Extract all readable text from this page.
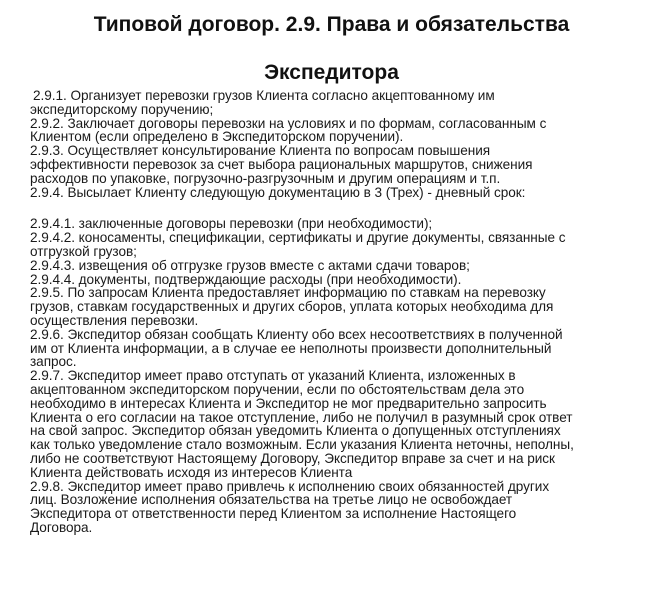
Типовой договор. 2.9. Права и обязательства
Экспедитора
2.9.1. Организует перевозки грузов Клиента согласно акцептованному им
экспедиторскому поручению;
2.9.2. Заключает договоры перевозки на условиях и по формам, согласованным с
Клиентом (если определено в Экспедиторском поручении).
2.9.3. Осуществляет консультирование Клиента по вопросам повышения
эффективности перевозок за счет выбора рациональных маршрутов, снижения
расходов по упаковке, погрузочно-разгрузочным и другим операциям и т.п.
2.9.4. Высылает Клиенту следующую документацию в 3 (Трех) - дневный срок:
2.9.4.1. заключенные договоры перевозки (при необходимости);
2.9.4.2. коносаменты, спецификации, сертификаты и другие документы, связанные с
отгрузкой грузов;
2.9.4.3. извещения об отгрузке грузов вместе с актами сдачи товаров;
2.9.4.4. документы, подтверждающие расходы (при необходимости).
2.9.5. По запросам Клиента предоставляет информацию по ставкам на перевозку
грузов, ставкам государственных и других сборов, уплата которых необходима для
осуществления перевозки.
2.9.6. Экспедитор обязан сообщать Клиенту обо всех несоответствиях в полученной
им от Клиента информации, а в случае ее неполноты произвести дополнительный
запрос.
2.9.7. Экспедитор имеет право отступать от указаний Клиента, изложенных в
акцептованном экспедиторском поручении, если по обстоятельствам дела это
необходимо в интересах Клиента и Экспедитор не мог предварительно запросить
Клиента о его согласии на такое отступление, либо не получил в разумный срок ответ
на свой запрос. Экспедитор обязан уведомить Клиента о допущенных отступлениях
как только уведомление стало возможным. Если указания Клиента неточны, неполны,
либо не соответствуют Настоящему Договору, Экспедитор вправе за счет и на риск
Клиента действовать исходя из интересов Клиента
2.9.8. Экспедитор имеет право привлечь к исполнению своих обязанностей других
лиц. Возложение исполнения обязательства на третье лицо не освобождает
Экспедитора от ответственности перед Клиентом за исполнение Настоящего
Договора.
